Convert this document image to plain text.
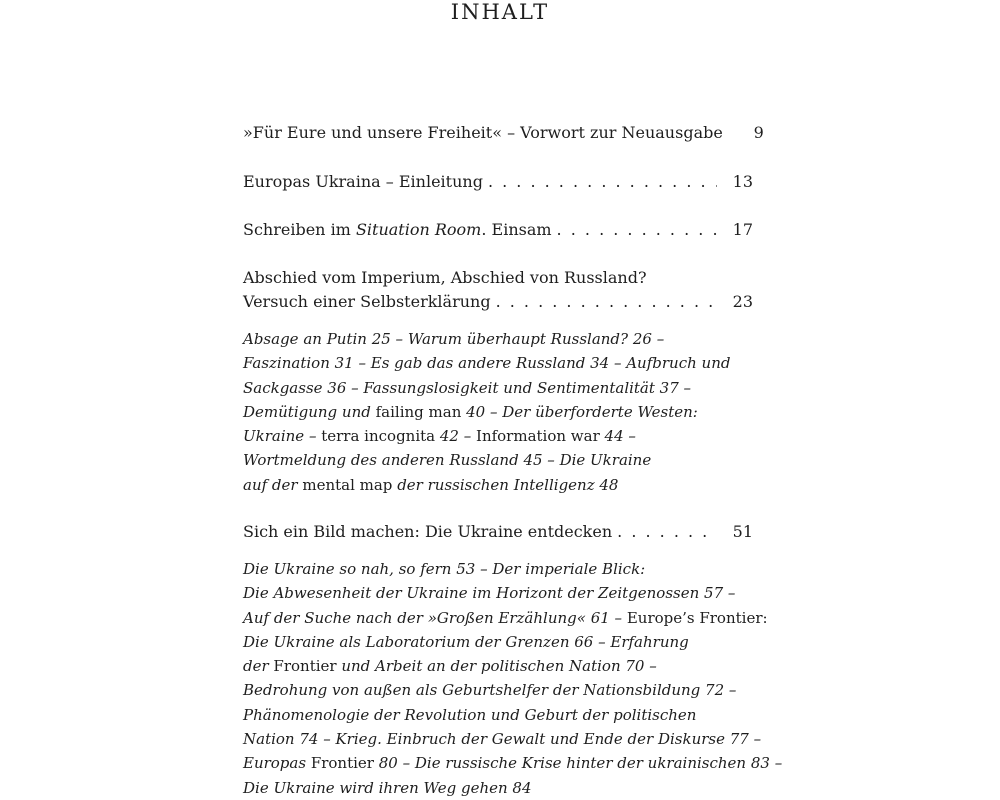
INHALT
»Für Eure und unsere Freiheit« – Vorwort zur Neuausgabe	9
Europas Ukraina – Einleitung . . .	13
Schreiben im Situation Room. Einsam . . .	17
Abschied vom Imperium, Abschied von Russland?
Versuch einer Selbsterklärung . . .	23
Absage an Putin 25 – Warum überhaupt Russland? 26 –
Faszination 31 – Es gab das andere Russland 34 – Aufbruch und
Sackgasse 36 – Fassungslosigkeit und Sentimentalität 37 –
Demütigung und failing man 40 – Der überforderte Westen:
Ukraine – terra incognita 42 – Information war 44 –
Wortmeldung des anderen Russland 45 – Die Ukraine
auf der mental map der russischen Intelligenz 48
Sich ein Bild machen: Die Ukraine entdecken . . .	51
Die Ukraine so nah, so fern 53 – Der imperiale Blick:
Die Abwesenheit der Ukraine im Horizont der Zeitgenossen 57 –
Auf der Suche nach der »Großen Erzählung« 61 – Europe’s Frontier:
Die Ukraine als Laboratorium der Grenzen 66 – Erfahrung
der Frontier und Arbeit an der politischen Nation 70 –
Bedrohung von außen als Geburtshelfer der Nationsbildung 72 –
Phänomenologie der Revolution und Geburt der politischen
Nation 74 – Krieg. Einbruch der Gewalt und Ende der Diskurse 77 –
Europas Frontier 80 – Die russische Krise hinter der ukrainischen 83 –
Die Ukraine wird ihren Weg gehen 84
